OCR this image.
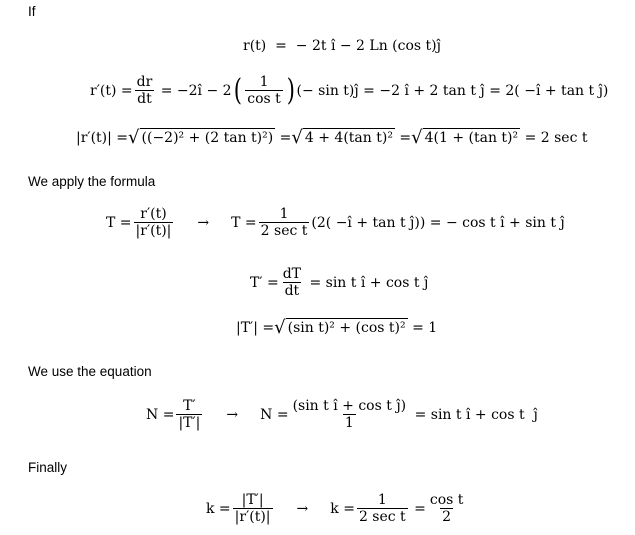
If
We apply the formula
We use the equation
Finally
r(t)  =  − 2t î − 2 Ln (cos t)ĵ
$r'(t) = \frac{dr}{dt}$ = −2î − 2 ( $\frac{1}{\text{cos t}}$ ) (− sin t)ĵ = −2 î + 2 tan t ĵ = 2( −î + tan t ĵ)
|r′(t)| = √ ((−2)² + (2 tan t)²) = √ 4 + 4(tan t)² = √ 4(1 + (tan t)² = 2 sec t
$T = \frac{r'(t)}{|r'(t)|} \to T = \frac{1}{\text{2 sec t}} (2$( −î + tan t ĵ)) = − cos t î + sin t ĵ
$T' = \frac{dT}{dt} = \sin t$ î + cos t ĵ
|T′| = √ (sin t)² + (cos t)² = 1
$N = \frac{T'}{|T'|} \to N = \frac{\text{(sin t î + cos t ĵ)}}{1} = \sin t$ î + cos t  ĵ
$k = \frac{|T'|}{|r'(t)|} \to k = \frac{1}{\text{2 sec t}} = \frac{\text{cos t}}{2}$
